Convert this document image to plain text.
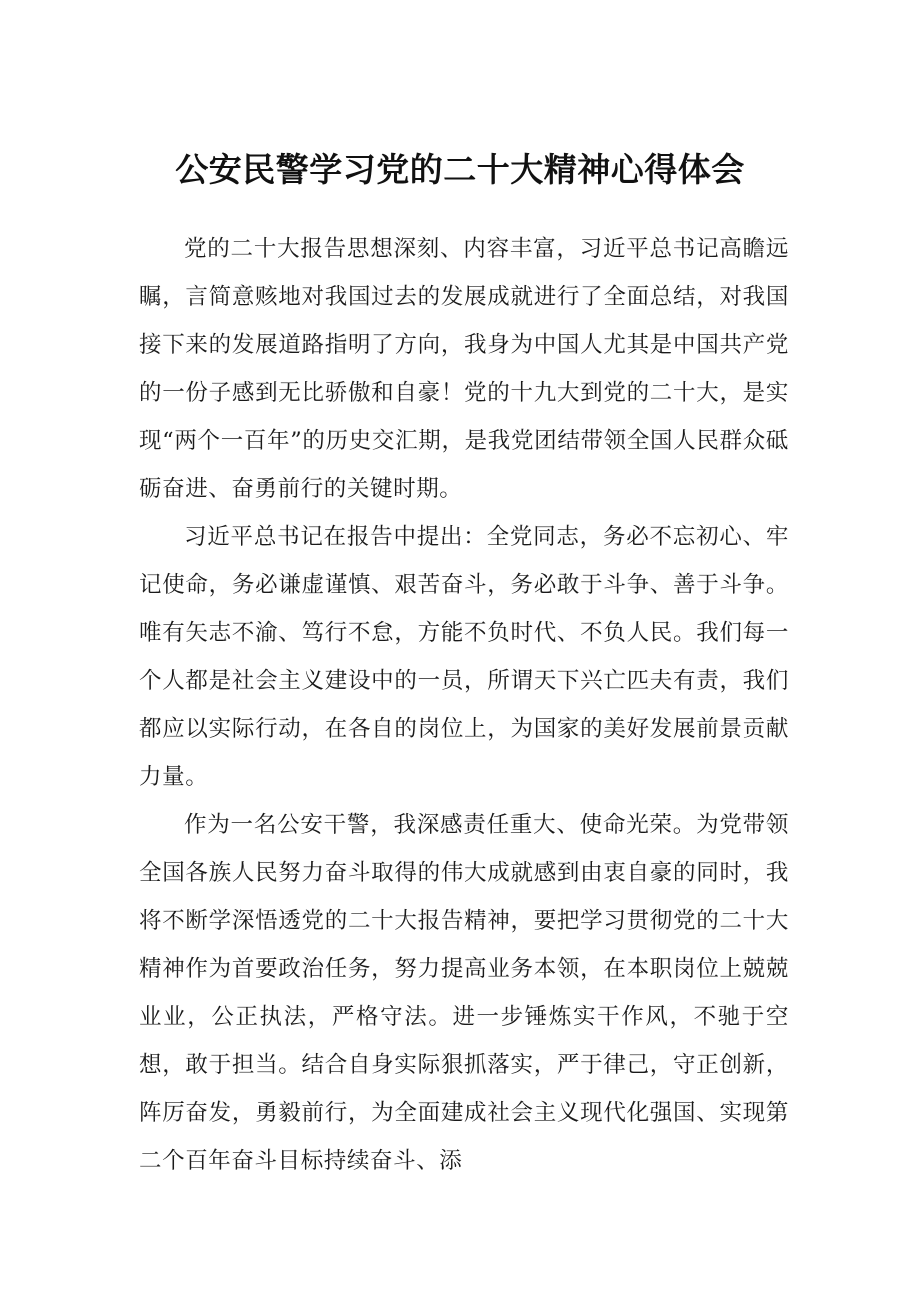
公安民警学习党的二十大精神心得体会

党的二十大报告思想深刻、内容丰富，习近平总书记高瞻远瞩，言简意赅地对我国过去的发展成就进行了全面总结，对我国接下来的发展道路指明了方向，我身为中国人尤其是中国共产党的一份子感到无比骄傲和自豪！党的十九大到党的二十大，是实现“两个一百年”的历史交汇期，是我党团结带领全国人民群众砥砺奋进、奋勇前行的关键时期。

习近平总书记在报告中提出：全党同志，务必不忘初心、牢记使命，务必谦虚谨慎、艰苦奋斗，务必敢于斗争、善于斗争。唯有矢志不渝、笃行不怠，方能不负时代、不负人民。我们每一个人都是社会主义建设中的一员，所谓天下兴亡匹夫有责，我们都应以实际行动，在各自的岗位上，为国家的美好发展前景贡献力量。

作为一名公安干警，我深感责任重大、使命光荣。为党带领全国各族人民努力奋斗取得的伟大成就感到由衷自豪的同时，我将不断学深悟透党的二十大报告精神，要把学习贯彻党的二十大精神作为首要政治任务，努力提高业务本领，在本职岗位上兢兢业业，公正执法，严格守法。进一步锤炼实干作风，不驰于空想，敢于担当。结合自身实际狠抓落实，严于律己，守正创新，阵厉奋发，勇毅前行，为全面建成社会主义现代化强国、实现第二个百年奋斗目标持续奋斗、添
